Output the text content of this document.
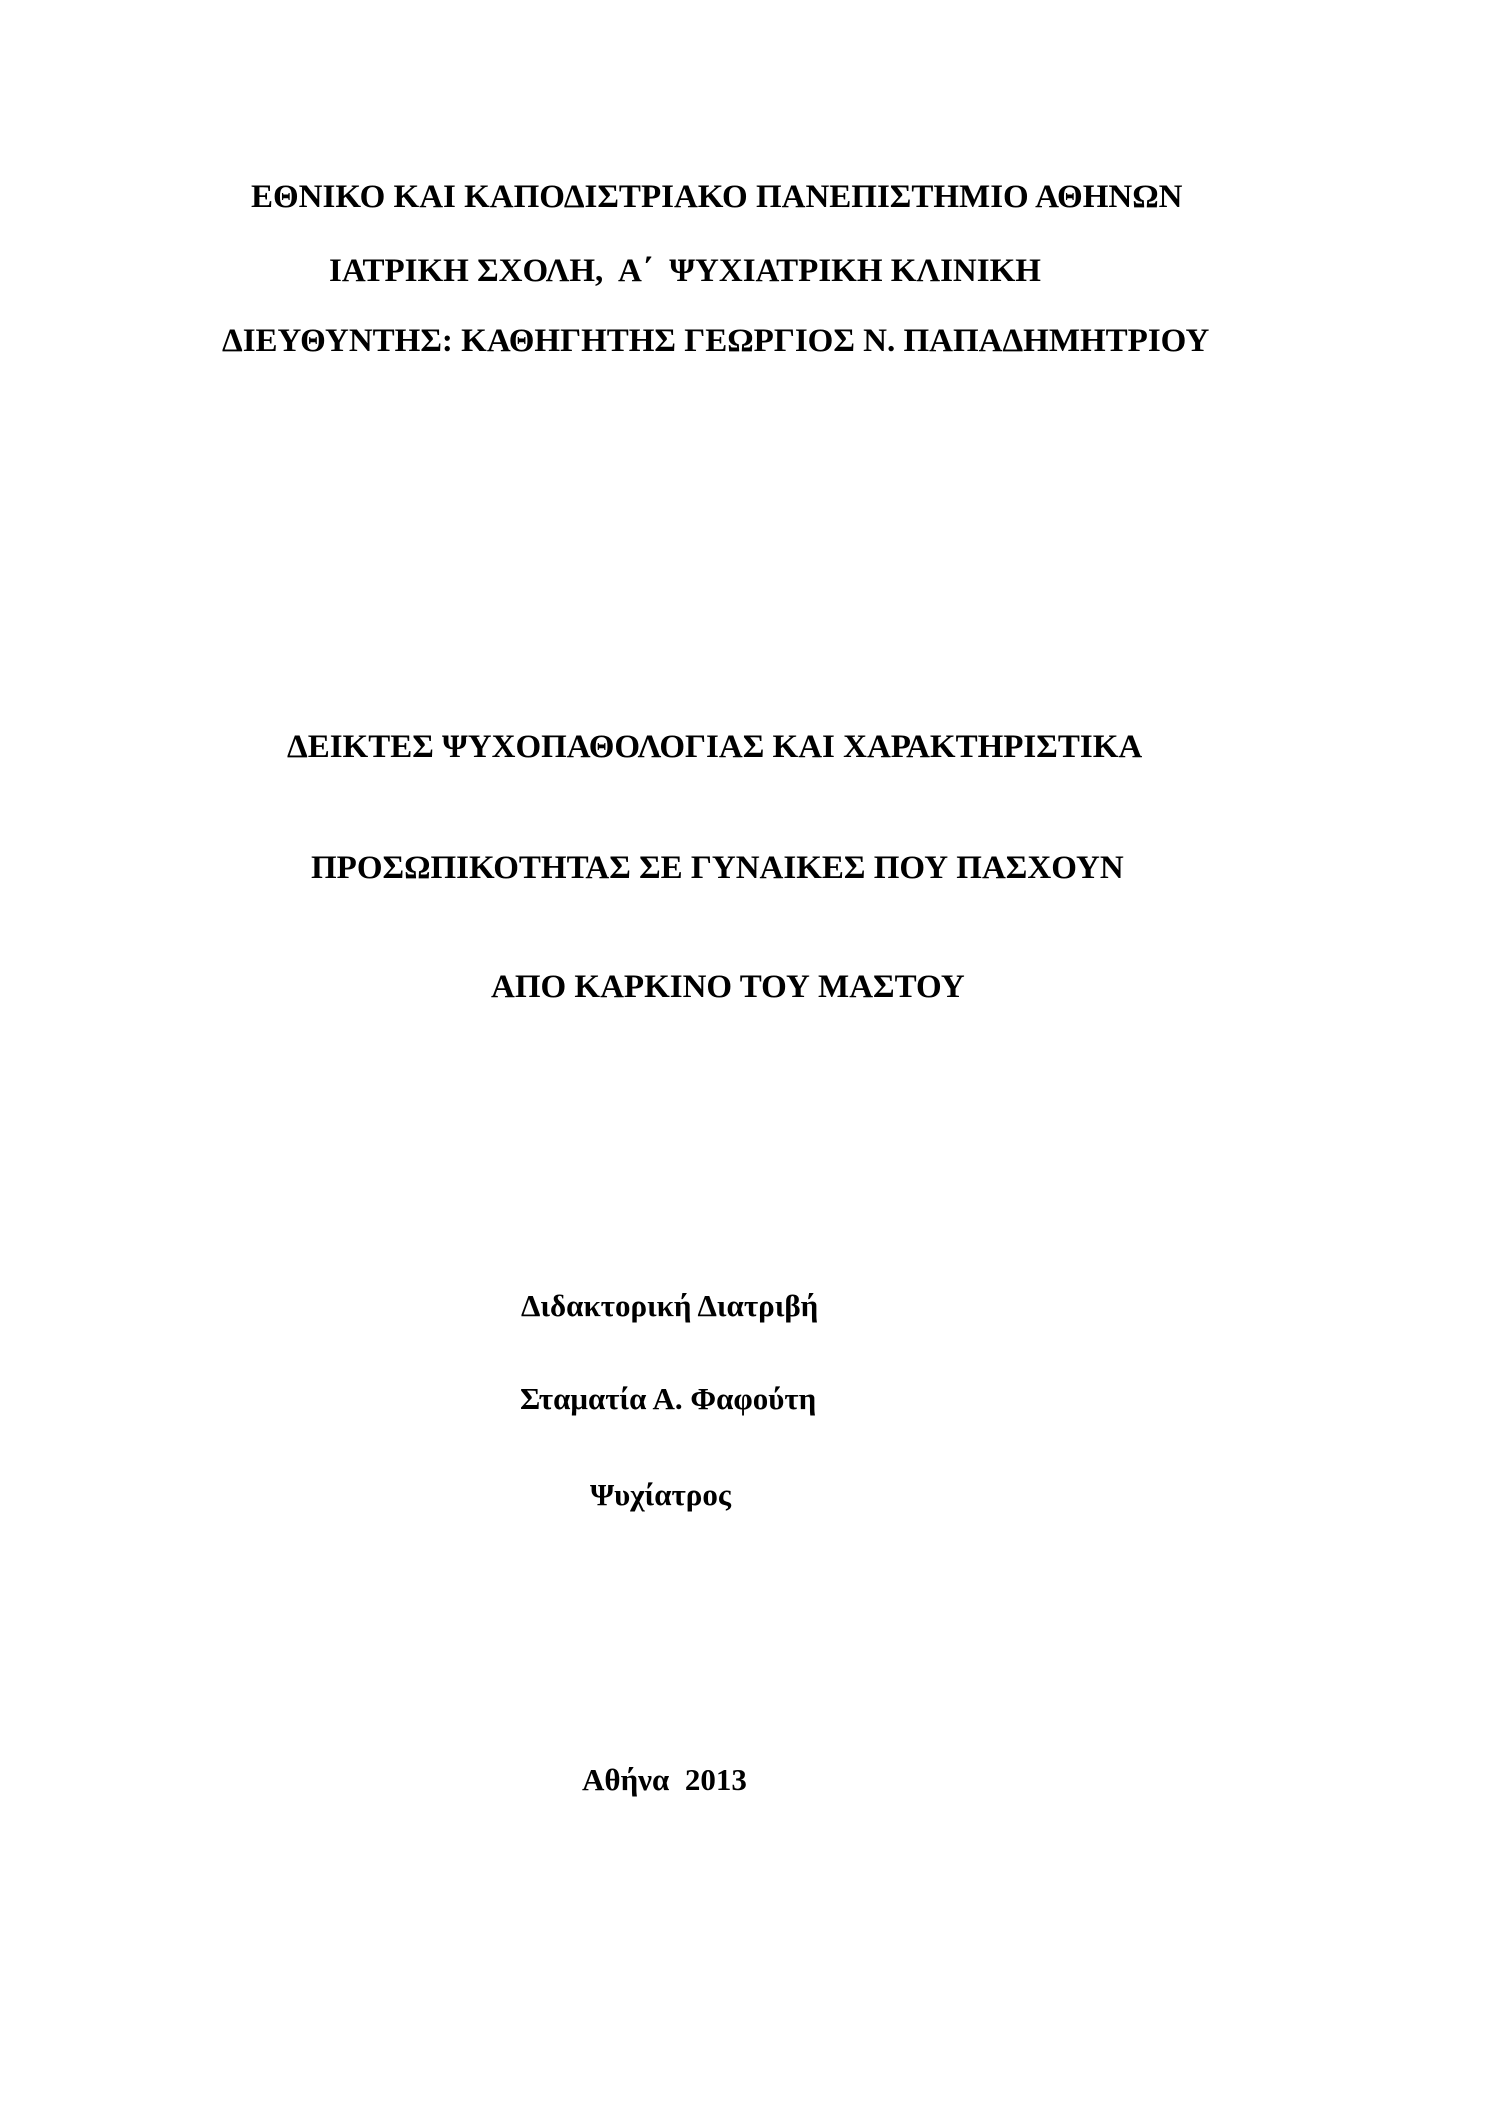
ΕΘΝΙΚΟ ΚΑΙ ΚΑΠΟΔΙΣΤΡΙΑΚΟ ΠΑΝΕΠΙΣΤΗΜΙΟ ΑΘΗΝΩΝ
ΙΑΤΡΙΚΗ ΣΧΟΛΗ,  Α΄  ΨΥΧΙΑΤΡΙΚΗ ΚΛΙΝΙΚΗ
ΔΙΕΥΘΥΝΤΗΣ: ΚΑΘΗΓΗΤΗΣ ΓΕΩΡΓΙΟΣ Ν. ΠΑΠΑΔΗΜΗΤΡΙΟΥ
ΔΕΙΚΤΕΣ ΨΥΧΟΠΑΘΟΛΟΓΙΑΣ ΚΑΙ ΧΑΡΑΚΤΗΡΙΣΤΙΚΑ
ΠΡΟΣΩΠΙΚΟΤΗΤΑΣ ΣΕ ΓΥΝΑΙΚΕΣ ΠΟΥ ΠΑΣΧΟΥΝ
ΑΠΟ ΚΑΡΚΙΝΟ ΤΟΥ ΜΑΣΤΟΥ
Διδακτορική Διατριβή
Σταματία Α. Φαφούτη
Ψυχίατρος
Αθήνα  2013
